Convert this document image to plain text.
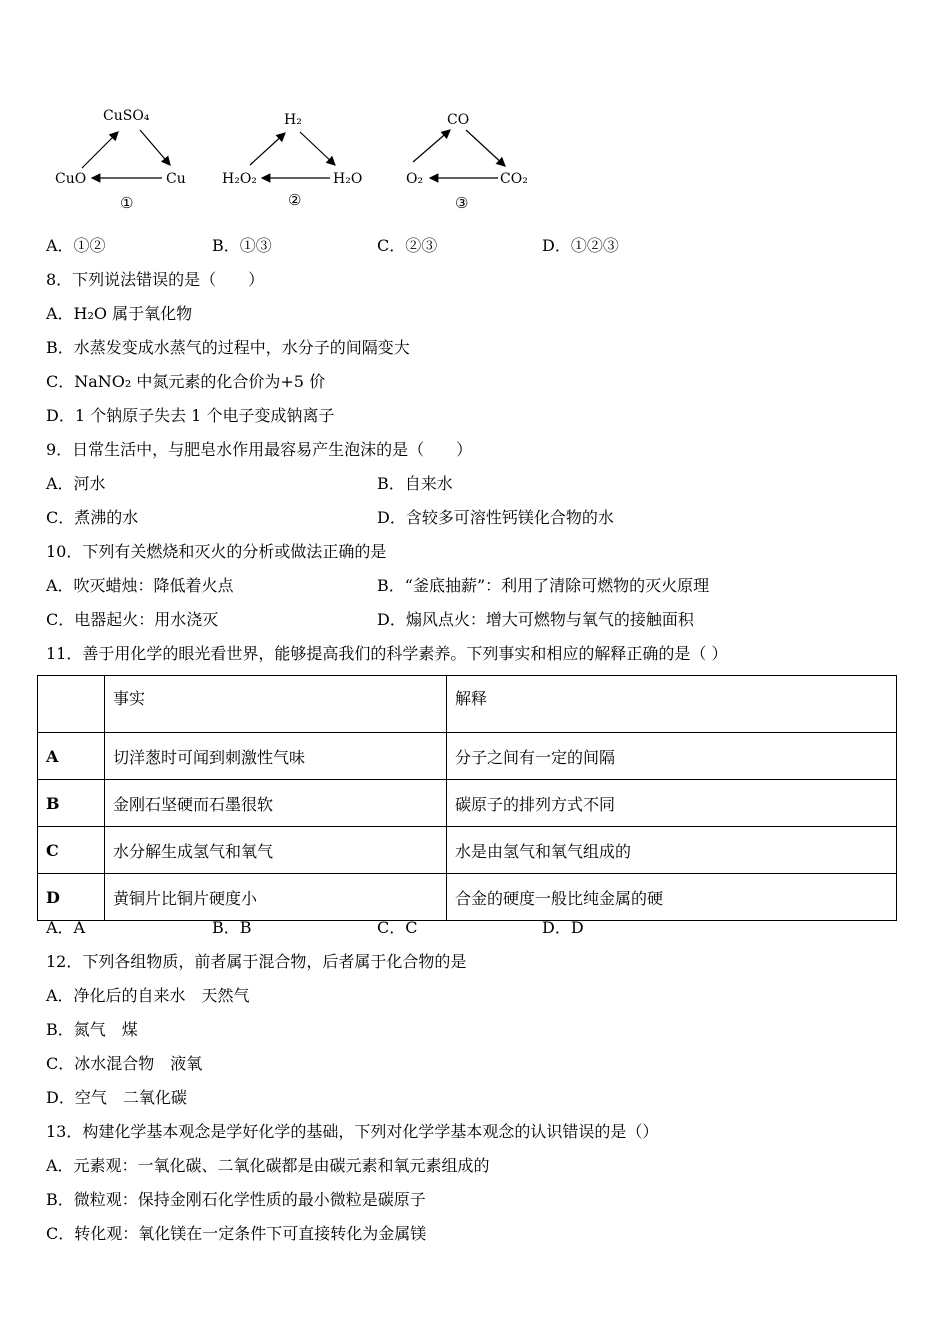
CuSO₄
CuO	Cu
①
H₂
H₂O₂	H₂O
②
CO
O₂	CO₂
③
A．①②	B．①③	C．②③	D．①②③
8．下列说法错误的是（　　）
A．H₂O 属于氧化物
B．水蒸发变成水蒸气的过程中，水分子的间隔变大
C．NaNO₂ 中氮元素的化合价为+5 价
D．1 个钠原子失去 1 个电子变成钠离子
9．日常生活中，与肥皂水作用最容易产生泡沫的是（　　）
A．河水	B．自来水
C．煮沸的水	D．含较多可溶性钙镁化合物的水
10．下列有关燃烧和灭火的分析或做法正确的是
A．吹灭蜡烛：降低着火点	B．“釜底抽薪”：利用了清除可燃物的灭火原理
C．电器起火：用水浇灭	D．煽风点火：增大可燃物与氧气的接触面积
11．善于用化学的眼光看世界，能够提高我们的科学素养。下列事实和相应的解释正确的是（ ）
	事实	解释
A	切洋葱时可闻到刺激性气味	分子之间有一定的间隔
B	金刚石坚硬而石墨很软	碳原子的排列方式不同
C	水分解生成氢气和氧气	水是由氢气和氧气组成的
D	黄铜片比铜片硬度小	合金的硬度一般比纯金属的硬
A．A	B．B	C．C	D．D
12．下列各组物质，前者属于混合物，后者属于化合物的是
A．净化后的自来水　天然气
B．氮气　煤
C．冰水混合物　液氧
D．空气　二氧化碳
13．构建化学基本观念是学好化学的基础，下列对化学学基本观念的认识错误的是（）
A．元素观：一氧化碳、二氧化碳都是由碳元素和氧元素组成的
B．微粒观：保持金刚石化学性质的最小微粒是碳原子
C．转化观：氧化镁在一定条件下可直接转化为金属镁
